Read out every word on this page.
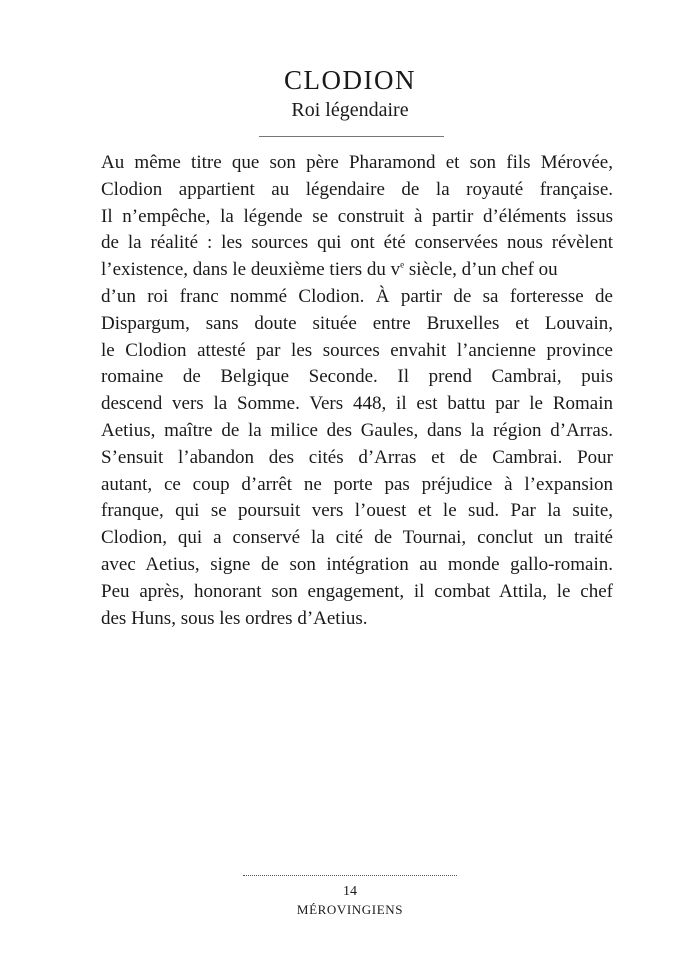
CLODION
Roi légendaire
Au même titre que son père Pharamond et son fils Mérovée,
Clodion appartient au légendaire de la royauté française.
Il n’empêche, la légende se construit à partir d’éléments issus
de la réalité : les sources qui ont été conservées nous révèlent
l’existence, dans le deuxième tiers du $v^e$ siècle, d’un chef ou
d’un roi franc nommé Clodion. À partir de sa forteresse de
Dispargum, sans doute située entre Bruxelles et Louvain,
le Clodion attesté par les sources envahit l’ancienne province
romaine de Belgique Seconde. Il prend Cambrai, puis
descend vers la Somme. Vers 448, il est battu par le Romain
Aetius, maître de la milice des Gaules, dans la région d’Arras.
S’ensuit l’abandon des cités d’Arras et de Cambrai. Pour
autant, ce coup d’arrêt ne porte pas préjudice à l’expansion
franque, qui se poursuit vers l’ouest et le sud. Par la suite,
Clodion, qui a conservé la cité de Tournai, conclut un traité
avec Aetius, signe de son intégration au monde gallo-romain.
Peu après, honorant son engagement, il combat Attila, le chef
des Huns, sous les ordres d’Aetius.
14
MÉROVINGIENS
